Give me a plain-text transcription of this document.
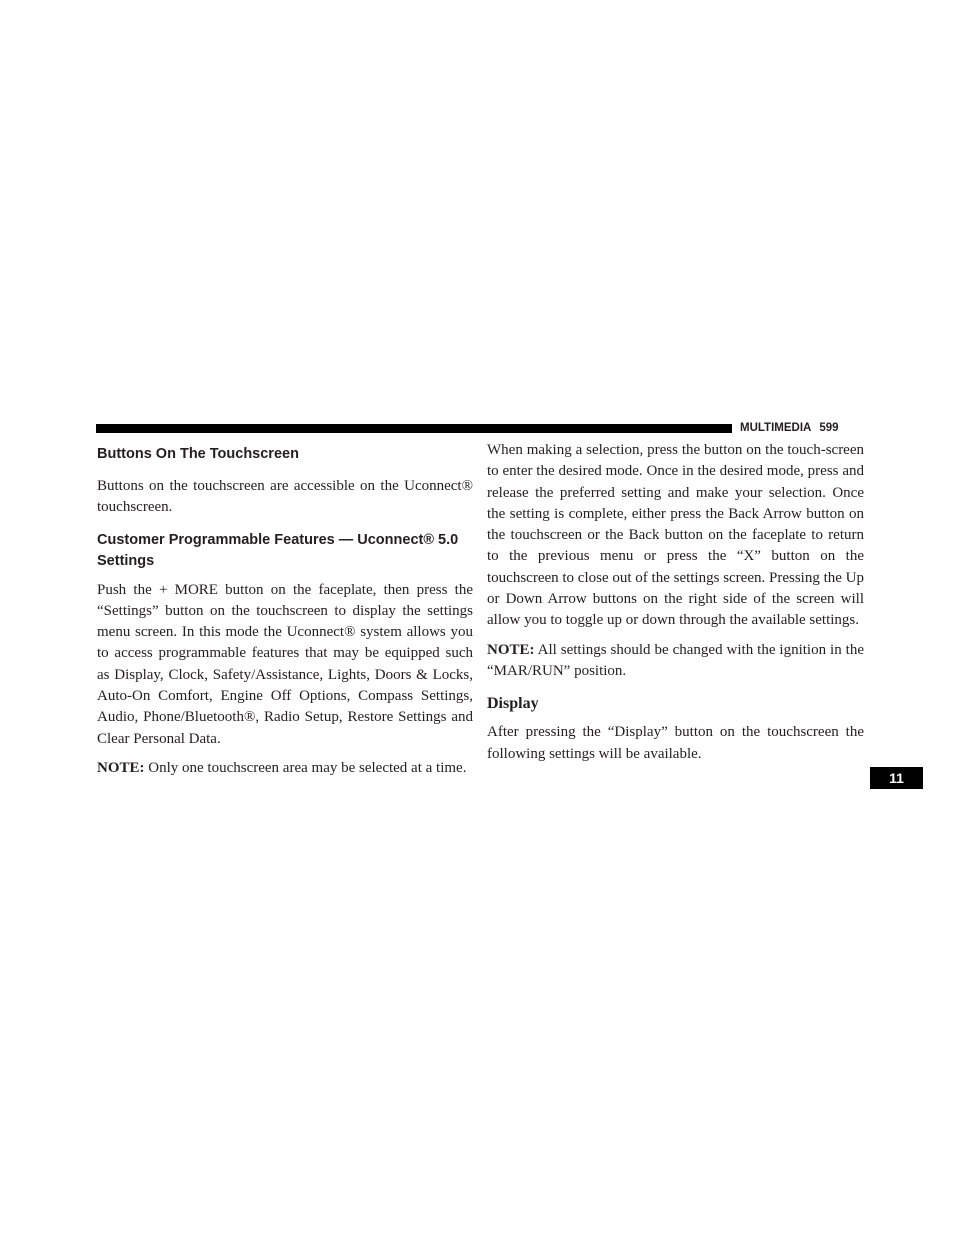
MULTIMEDIA 599
Buttons On The Touchscreen

Buttons on the touchscreen are accessible on the Uconnect® touchscreen.

Customer Programmable Features — Uconnect® 5.0 Settings

Push the + MORE button on the faceplate, then press the “Settings” button on the touchscreen to display the settings menu screen. In this mode the Uconnect® system allows you to access programmable features that may be equipped such as Display, Clock, Safety/Assistance, Lights, Doors & Locks, Auto-On Comfort, Engine Off Options, Compass Settings, Audio, Phone/Bluetooth®, Radio Setup, Restore Settings and Clear Personal Data.

NOTE: Only one touchscreen area may be selected at a time.

When making a selection, press the button on the touch-screen to enter the desired mode. Once in the desired mode, press and release the preferred setting and make your selection. Once the setting is complete, either press the Back Arrow button on the touchscreen or the Back button on the faceplate to return to the previous menu or press the “X” button on the touchscreen to close out of the settings screen. Pressing the Up or Down Arrow buttons on the right side of the screen will allow you to toggle up or down through the available settings.

NOTE: All settings should be changed with the ignition in the “MAR/RUN” position.

Display

After pressing the “Display” button on the touchscreen the following settings will be available.

11
